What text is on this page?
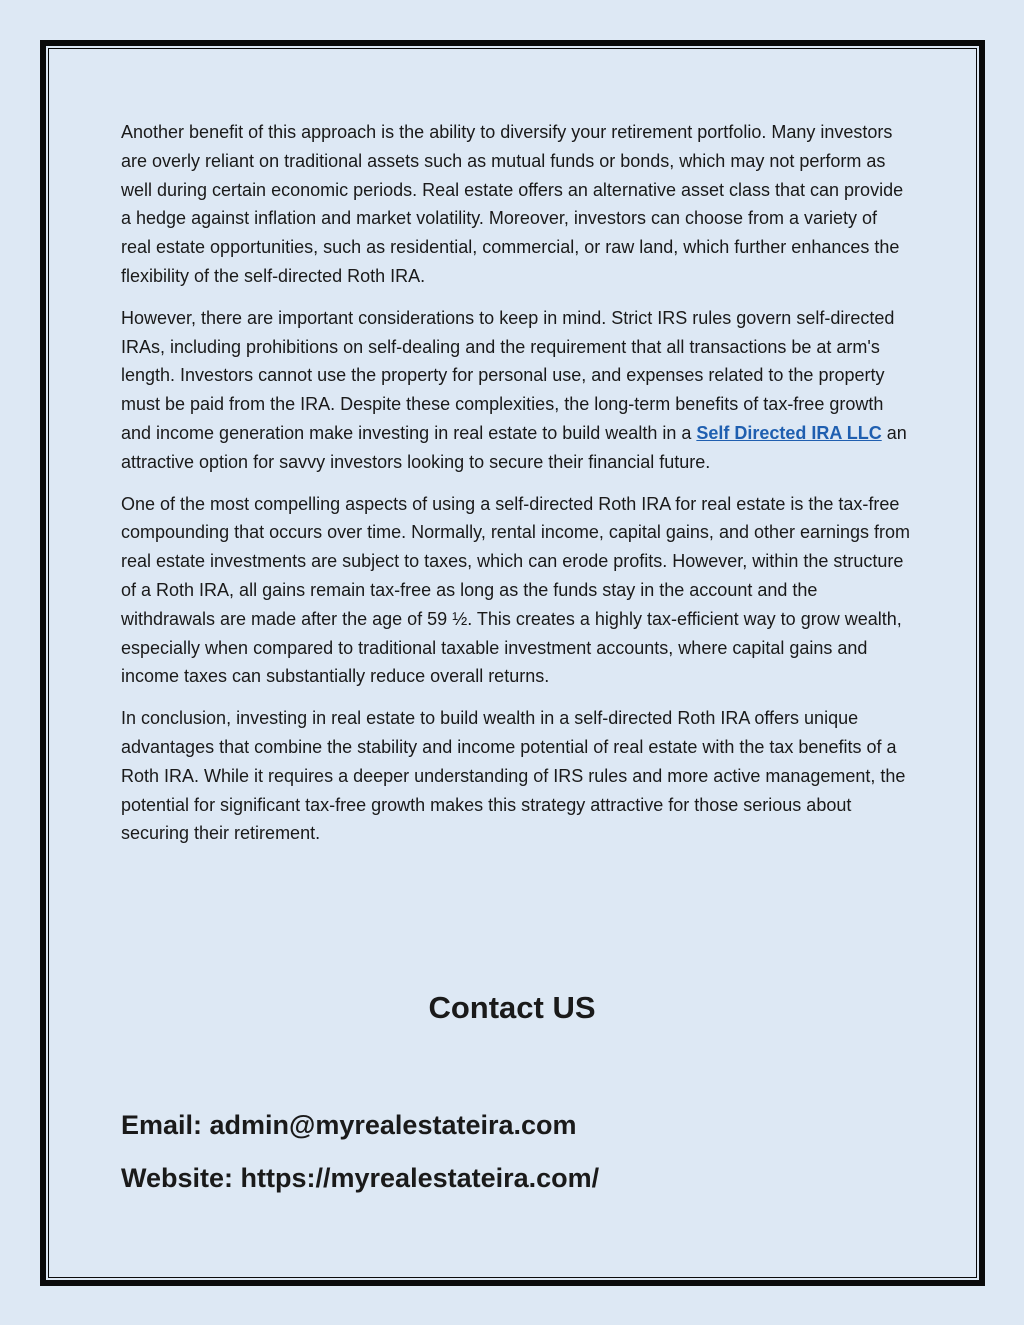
Another benefit of this approach is the ability to diversify your retirement portfolio. Many investors are overly reliant on traditional assets such as mutual funds or bonds, which may not perform as well during certain economic periods. Real estate offers an alternative asset class that can provide a hedge against inflation and market volatility. Moreover, investors can choose from a variety of real estate opportunities, such as residential, commercial, or raw land, which further enhances the flexibility of the self-directed Roth IRA.

However, there are important considerations to keep in mind. Strict IRS rules govern self-directed IRAs, including prohibitions on self-dealing and the requirement that all transactions be at arm's length. Investors cannot use the property for personal use, and expenses related to the property must be paid from the IRA. Despite these complexities, the long-term benefits of tax-free growth and income generation make investing in real estate to build wealth in a Self Directed IRA LLC an attractive option for savvy investors looking to secure their financial future.

One of the most compelling aspects of using a self-directed Roth IRA for real estate is the tax-free compounding that occurs over time. Normally, rental income, capital gains, and other earnings from real estate investments are subject to taxes, which can erode profits. However, within the structure of a Roth IRA, all gains remain tax-free as long as the funds stay in the account and the withdrawals are made after the age of 59 ½. This creates a highly tax-efficient way to grow wealth, especially when compared to traditional taxable investment accounts, where capital gains and income taxes can substantially reduce overall returns.

In conclusion, investing in real estate to build wealth in a self-directed Roth IRA offers unique advantages that combine the stability and income potential of real estate with the tax benefits of a Roth IRA. While it requires a deeper understanding of IRS rules and more active management, the potential for significant tax-free growth makes this strategy attractive for those serious about securing their retirement.

Contact US

Email: admin@myrealestateira.com

Website: https://myrealestateira.com/
